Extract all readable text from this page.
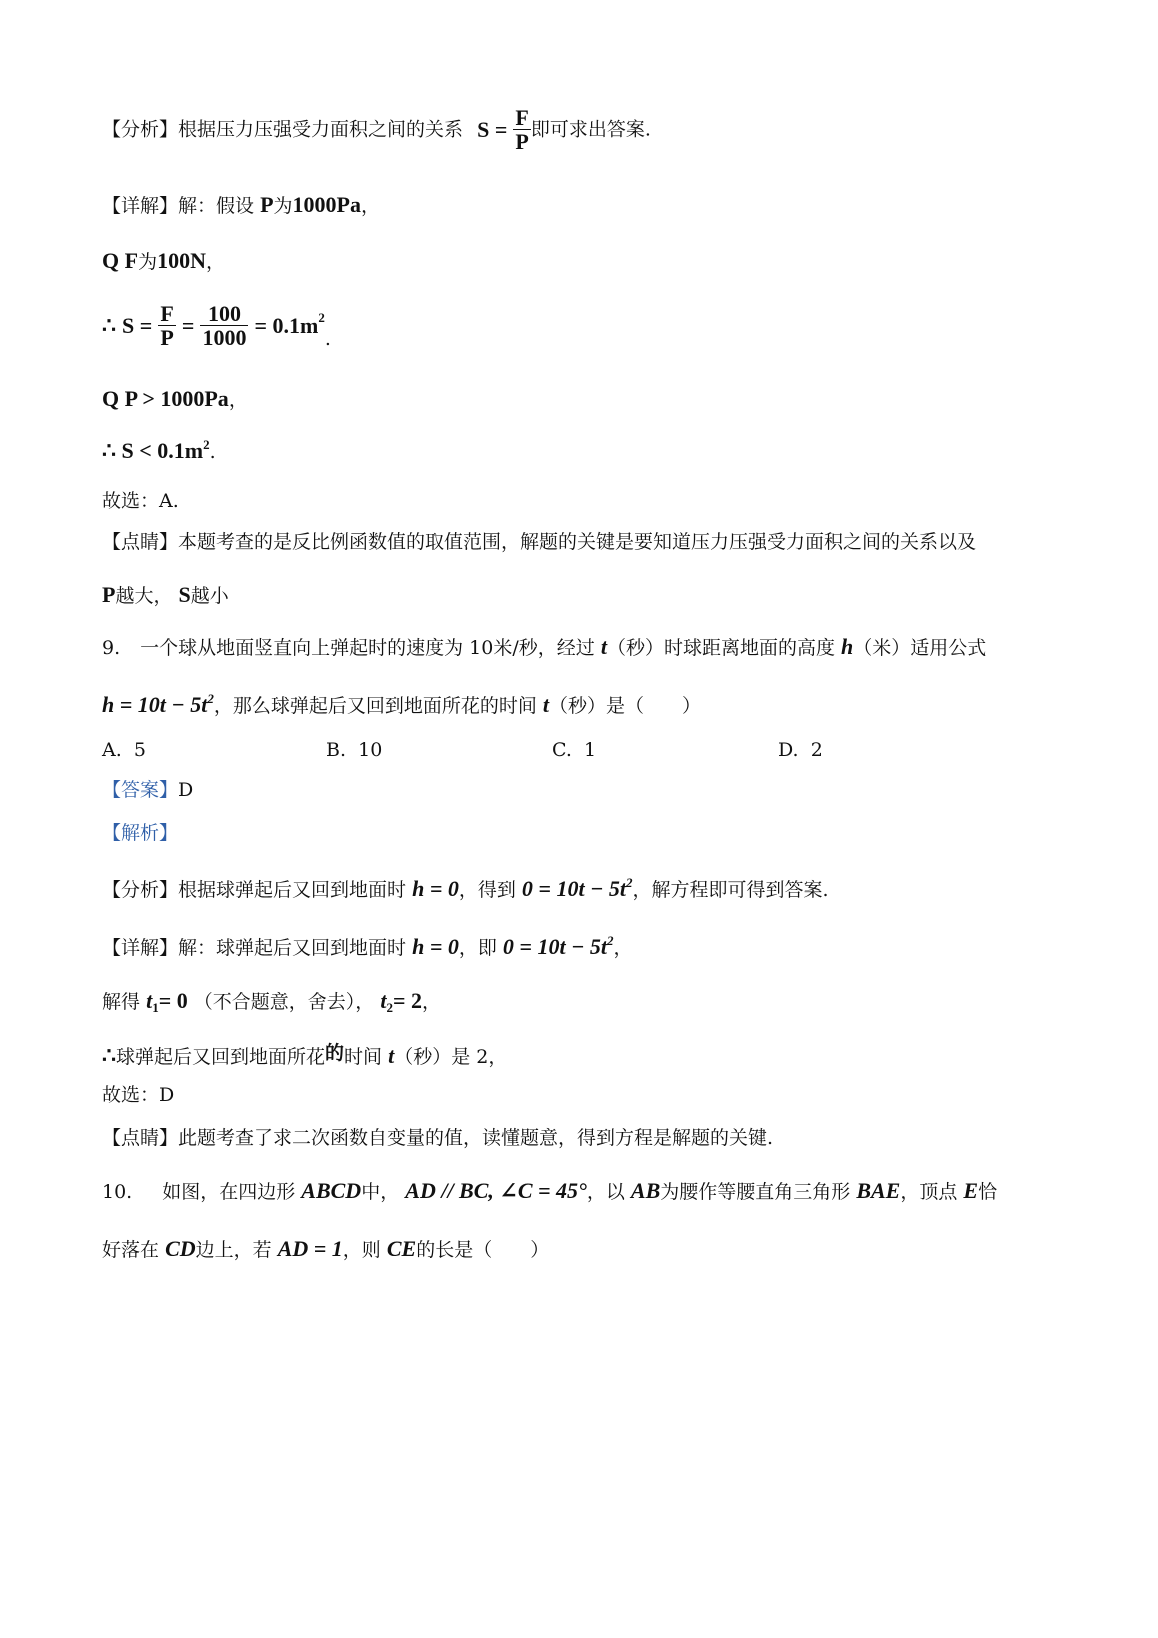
【分析】根据压力压强受力面积之间的关系 $S = \frac{F}{P}$ 即可求出答案.
【详解】解：假设 P为1000Pa，
Q F为100N，
∴ $S = \frac{F}{P} = \frac{100}{1000} = 0.1m^2$.
Q P > 1000Pa，
∴ $S < 0.1m^2$.
故选：A.
【点睛】本题考查的是反比例函数值的取值范围，解题的关键是要知道压力压强受力面积之间的关系以及
P越大， S越小
9. 一个球从地面竖直向上弹起时的速度为 10米/秒，经过 t（秒）时球距离地面的高度 h（米）适用公式
$h = 10t - 5t^2$，那么球弹起后又回到地面所花的时间 t（秒）是（　　）
A. 5	B. 10	C. 1	D. 2
【答案】D
【解析】
【分析】根据球弹起后又回到地面时 h = 0，得到 $0 = 10t - 5t^2$，解方程即可得到答案.
【详解】解：球弹起后又回到地面时 h = 0，即 $0 = 10t - 5t^2$，
解得 $t_1= 0$ （不合题意，舍去）， $t_2= 2$，
∴球弹起后又回到地面所花的时间 t（秒）是 2，
故选：D
【点睛】此题考查了求二次函数自变量的值，读懂题意，得到方程是解题的关键.
10. 如图，在四边形 ABCD中， AD // BC, ∠C = 45°，以 AB为腰作等腰直角三角形 BAE，顶点 E恰
好落在 CD边上，若 AD = 1，则 CE的长是（　　）
